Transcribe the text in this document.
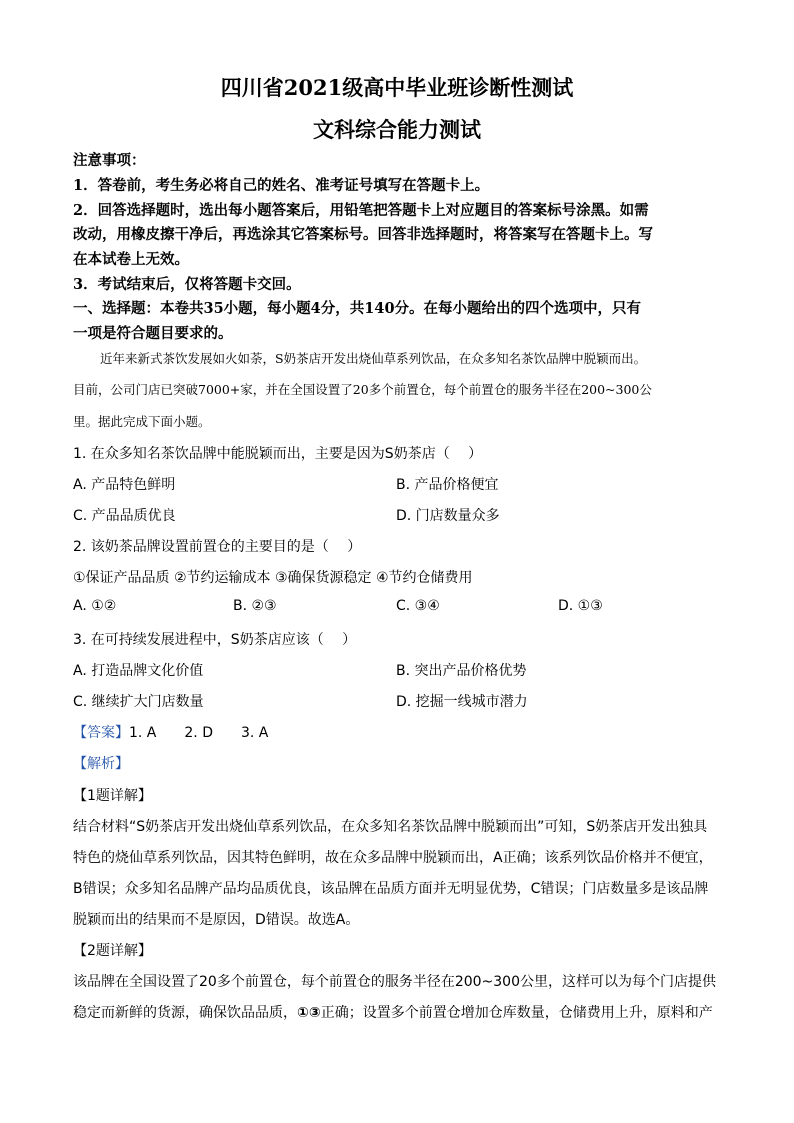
四川省2021级高中毕业班诊断性测试
文科综合能力测试
注意事项：
1．答卷前，考生务必将自己的姓名、准考证号填写在答题卡上。
2．回答选择题时，选出每小题答案后，用铅笔把答题卡上对应题目的答案标号涂黑。如需
改动，用橡皮擦干净后，再选涂其它答案标号。回答非选择题时，将答案写在答题卡上。写
在本试卷上无效。
3．考试结束后，仅将答题卡交回。
一、选择题：本卷共35小题，每小题4分，共140分。在每小题给出的四个选项中，只有
一项是符合题目要求的。
近年来新式茶饮发展如火如荼，S奶茶店开发出烧仙草系列饮品，在众多知名茶饮品牌中脱颖而出。
目前，公司门店已突破7000+家，并在全国设置了20多个前置仓，每个前置仓的服务半径在200~300公
里。据此完成下面小题。
1. 在众多知名茶饮品牌中能脱颖而出，主要是因为S奶茶店（　 ）
A. 产品特色鲜明	B. 产品价格便宜
C. 产品品质优良	D. 门店数量众多
2. 该奶茶品牌设置前置仓的主要目的是（　 ）
①保证产品品质 ②节约运输成本 ③确保货源稳定 ④节约仓储费用
A. ①②	B. ②③	C. ③④	D. ①③
3. 在可持续发展进程中，S奶茶店应该（　 ）
A. 打造品牌文化价值	B. 突出产品价格优势
C. 继续扩大门店数量	D. 挖掘一线城市潜力
【答案】1. A　　2. D　　3. A
【解析】
【1题详解】
结合材料“S奶茶店开发出烧仙草系列饮品，在众多知名茶饮品牌中脱颖而出”可知，S奶茶店开发出独具
特色的烧仙草系列饮品，因其特色鲜明，故在众多品牌中脱颖而出，A正确；该系列饮品价格并不便宜，
B错误；众多知名品牌产品均品质优良，该品牌在品质方面并无明显优势，C错误；门店数量多是该品牌
脱颖而出的结果而不是原因，D错误。故选A。
【2题详解】
该品牌在全国设置了20多个前置仓，每个前置仓的服务半径在200~300公里，这样可以为每个门店提供
稳定而新鲜的货源，确保饮品品质，①③正确；设置多个前置仓增加仓库数量，仓储费用上升，原料和产
